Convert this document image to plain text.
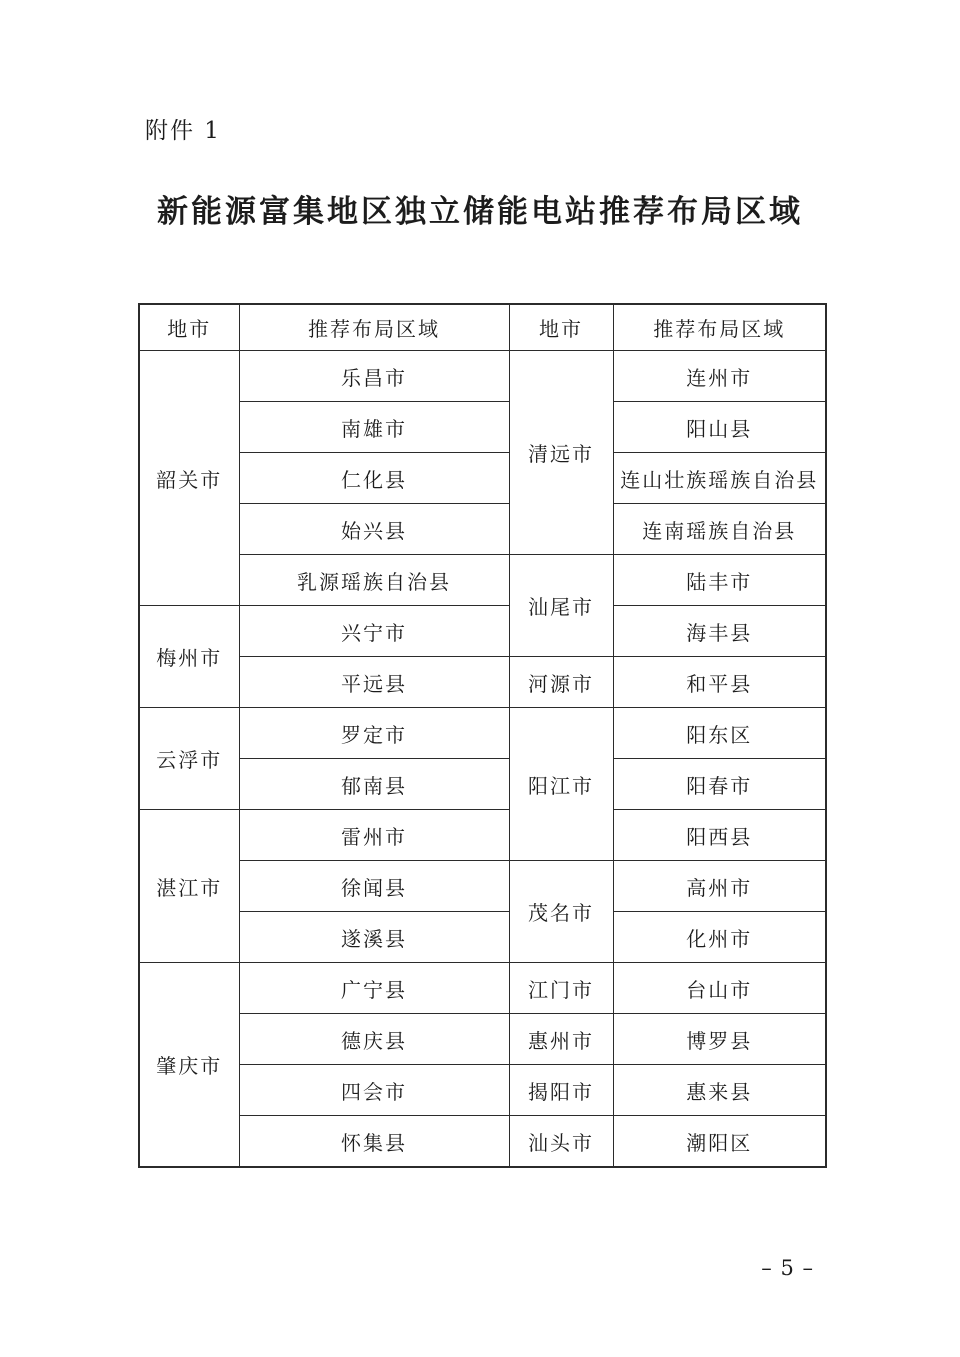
附件 1
新能源富集地区独立储能电站推荐布局区域
地市	推荐布局区域	地市	推荐布局区域
韶关市	乐昌市	清远市	连州市
	南雄市		阳山县
	仁化县		连山壮族瑶族自治县
	始兴县		连南瑶族自治县
	乳源瑶族自治县	汕尾市	陆丰市
梅州市	兴宁市		海丰县
	平远县	河源市	和平县
云浮市	罗定市	阳江市	阳东区
	郁南县		阳春市
湛江市	雷州市		阳西县
	徐闻县	茂名市	高州市
	遂溪县		化州市
肇庆市	广宁县	江门市	台山市
	德庆县	惠州市	博罗县
	四会市	揭阳市	惠来县
	怀集县	汕头市	潮阳区
– 5 –
